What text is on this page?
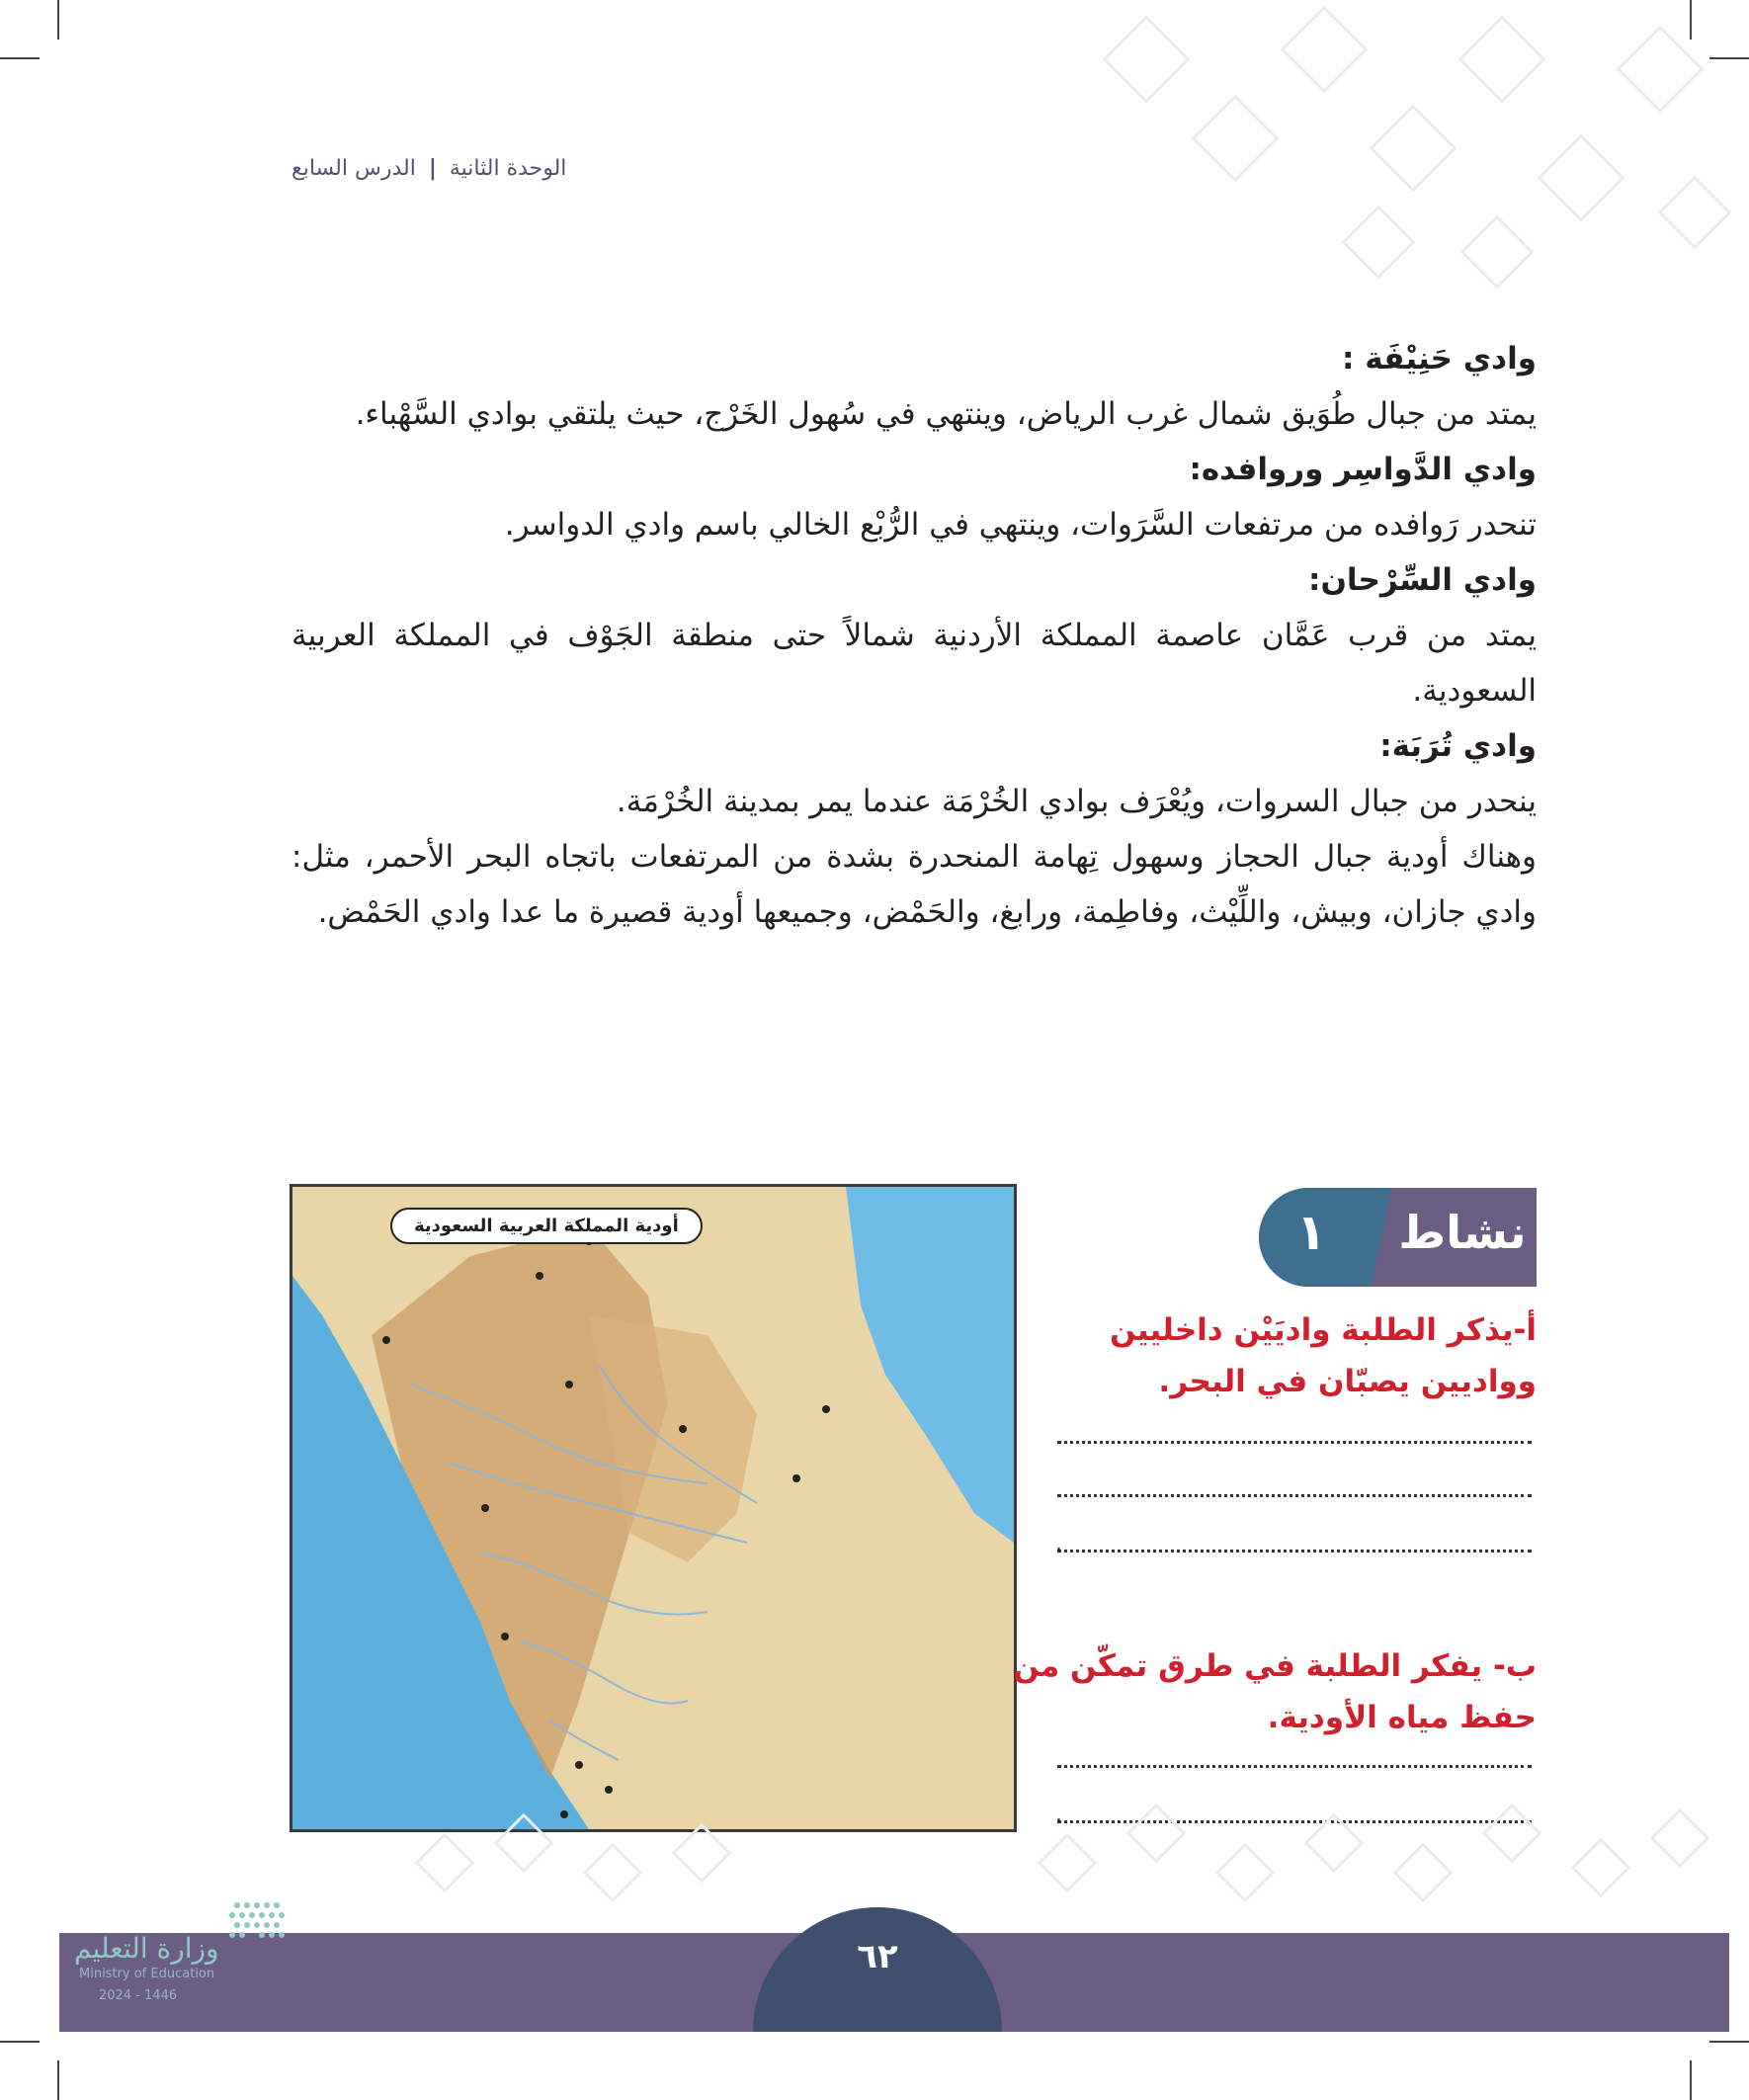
الوحدة الثانية | الدرس السابع

وادي حَنِيْفَة :

يمتد من جبال طُوَيق شمال غرب الرياض، وينتهي في سُهول الخَرْج، حيث يلتقي بوادي السَّهْباء.

وادي الدَّواسِر وروافده:

تنحدر رَوافده من مرتفعات السَّرَوات، وينتهي في الرُّبْع الخالي باسم وادي الدواسر.

وادي السِّرْحان:

يمتد من قرب عَمَّان عاصمة المملكة الأردنية شمالاً حتى منطقة الجَوْف في المملكة العربية السعودية.

وادي تُرَبَة:

ينحدر من جبال السروات، ويُعْرَف بوادي الخُرْمَة عندما يمر بمدينة الخُرْمَة.

وهناك أودية جبال الحجاز وسهول تِهامة المنحدرة بشدة من المرتفعات باتجاه البحر الأحمر، مثل: وادي جازان، وبيش، واللِّيْث، وفاطِمة، ورابغ، والحَمْض، وجميعها أودية قصيرة ما عدا وادي الحَمْض.

أودية المملكة العربية السعودية	نشاط
١
أ-يذكر الطلبة واديَيْن داخليين وواديين يصبّان في البحر.
.
ب- يفكر الطلبة في طرق تمكّن من حفظ مياه الأودية.
.
٦٢
وزارة التعليم
Ministry of Education
2024 - 1446
